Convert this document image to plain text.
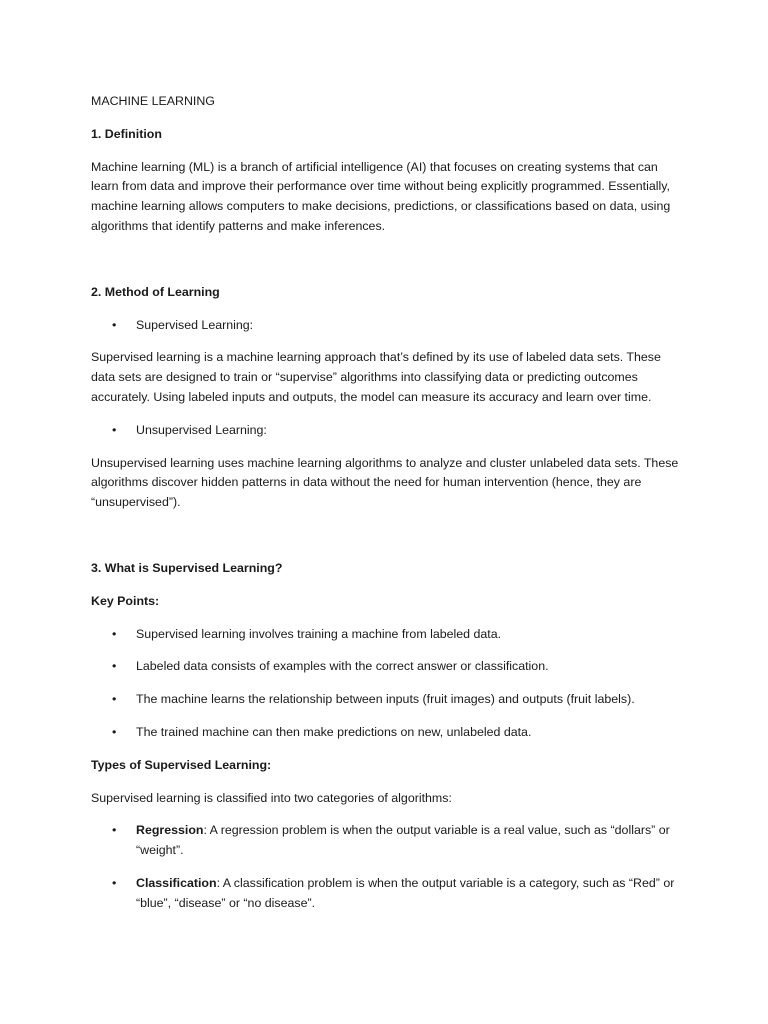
MACHINE LEARNING

1. Definition

Machine learning (ML) is a branch of artificial intelligence (AI) that focuses on creating systems that can learn from data and improve their performance over time without being explicitly programmed. Essentially, machine learning allows computers to make decisions, predictions, or classifications based on data, using algorithms that identify patterns and make inferences.

2. Method of Learning

• Supervised Learning:

Supervised learning is a machine learning approach that’s defined by its use of labeled data sets. These data sets are designed to train or “supervise” algorithms into classifying data or predicting outcomes accurately. Using labeled inputs and outputs, the model can measure its accuracy and learn over time.

• Unsupervised Learning:

Unsupervised learning uses machine learning algorithms to analyze and cluster unlabeled data sets. These algorithms discover hidden patterns in data without the need for human intervention (hence, they are “unsupervised”).

3. What is Supervised Learning?

Key Points:

• Supervised learning involves training a machine from labeled data.
• Labeled data consists of examples with the correct answer or classification.
• The machine learns the relationship between inputs (fruit images) and outputs (fruit labels).
• The trained machine can then make predictions on new, unlabeled data.

Types of Supervised Learning:

Supervised learning is classified into two categories of algorithms:

• Regression: A regression problem is when the output variable is a real value, such as “dollars” or “weight”.
• Classification: A classification problem is when the output variable is a category, such as “Red” or “blue”, “disease” or “no disease”.
